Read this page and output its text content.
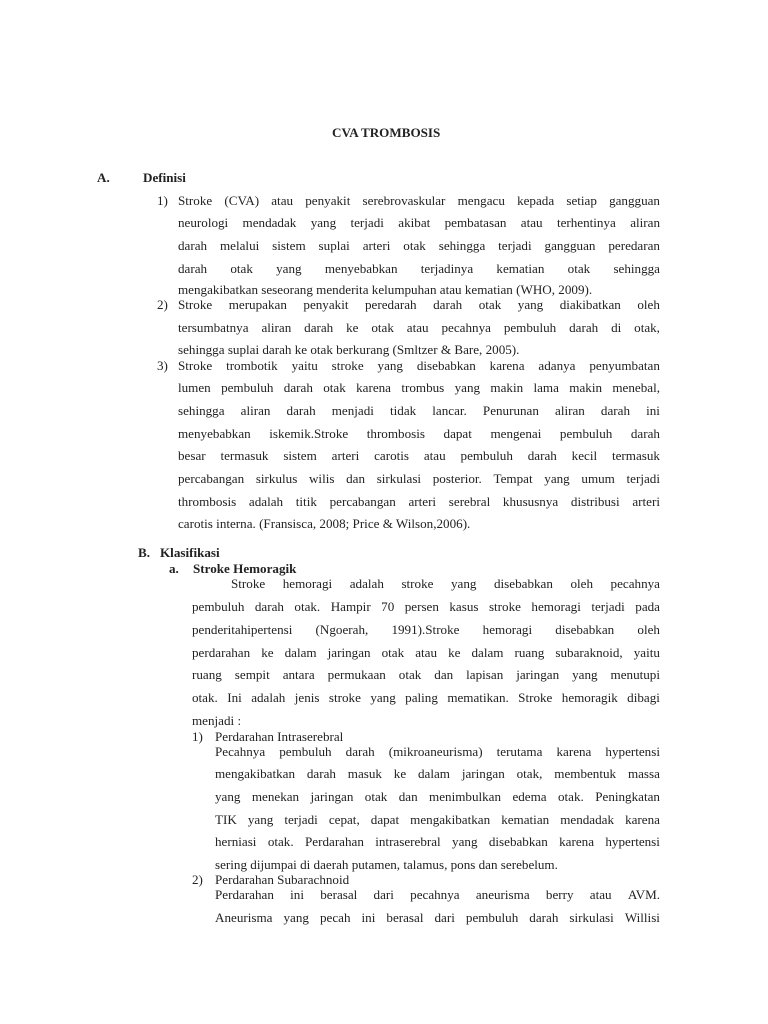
CVA TROMBOSIS
A.	Definisi
1) Stroke (CVA) atau penyakit serebrovaskular mengacu kepada setiap gangguan
neurologi mendadak yang terjadi akibat pembatasan atau terhentinya aliran
darah melalui sistem suplai arteri otak sehingga terjadi gangguan peredaran
darah otak yang menyebabkan terjadinya kematian otak sehingga
mengakibatkan seseorang menderita kelumpuhan atau kematian (WHO, 2009).
2) Stroke merupakan penyakit peredarah darah otak yang diakibatkan oleh
tersumbatnya aliran darah ke otak atau pecahnya pembuluh darah di otak,
sehingga suplai darah ke otak berkurang (Smltzer & Bare, 2005).
3) Stroke trombotik yaitu stroke yang disebabkan karena adanya penyumbatan
lumen pembuluh darah otak karena trombus yang makin lama makin menebal,
sehingga aliran darah menjadi tidak lancar. Penurunan aliran darah ini
menyebabkan iskemik.Stroke thrombosis dapat mengenai pembuluh darah
besar termasuk sistem arteri carotis atau pembuluh darah kecil termasuk
percabangan sirkulus wilis dan sirkulasi posterior. Tempat yang umum terjadi
thrombosis adalah titik percabangan arteri serebral khususnya distribusi arteri
carotis interna. (Fransisca, 2008; Price & Wilson,2006).
B. Klasifikasi
a. Stroke Hemoragik
Stroke hemoragi adalah stroke yang disebabkan oleh pecahnya
pembuluh darah otak. Hampir 70 persen kasus stroke hemoragi terjadi pada
penderitahipertensi (Ngoerah, 1991).Stroke hemoragi disebabkan oleh
perdarahan ke dalam jaringan otak atau ke dalam ruang subaraknoid, yaitu
ruang sempit antara permukaan otak dan lapisan jaringan yang menutupi
otak. Ini adalah jenis stroke yang paling mematikan. Stroke hemoragik dibagi
menjadi :
1) Perdarahan Intraserebral
Pecahnya pembuluh darah (mikroaneurisma) terutama karena hypertensi
mengakibatkan darah masuk ke dalam jaringan otak, membentuk massa
yang menekan jaringan otak dan menimbulkan edema otak. Peningkatan
TIK yang terjadi cepat, dapat mengakibatkan kematian mendadak karena
herniasi otak. Perdarahan intraserebral yang disebabkan karena hypertensi
sering dijumpai di daerah putamen, talamus, pons dan serebelum.
2) Perdarahan Subarachnoid
Perdarahan ini berasal dari pecahnya aneurisma berry atau AVM.
Aneurisma yang pecah ini berasal dari pembuluh darah sirkulasi Willisi
